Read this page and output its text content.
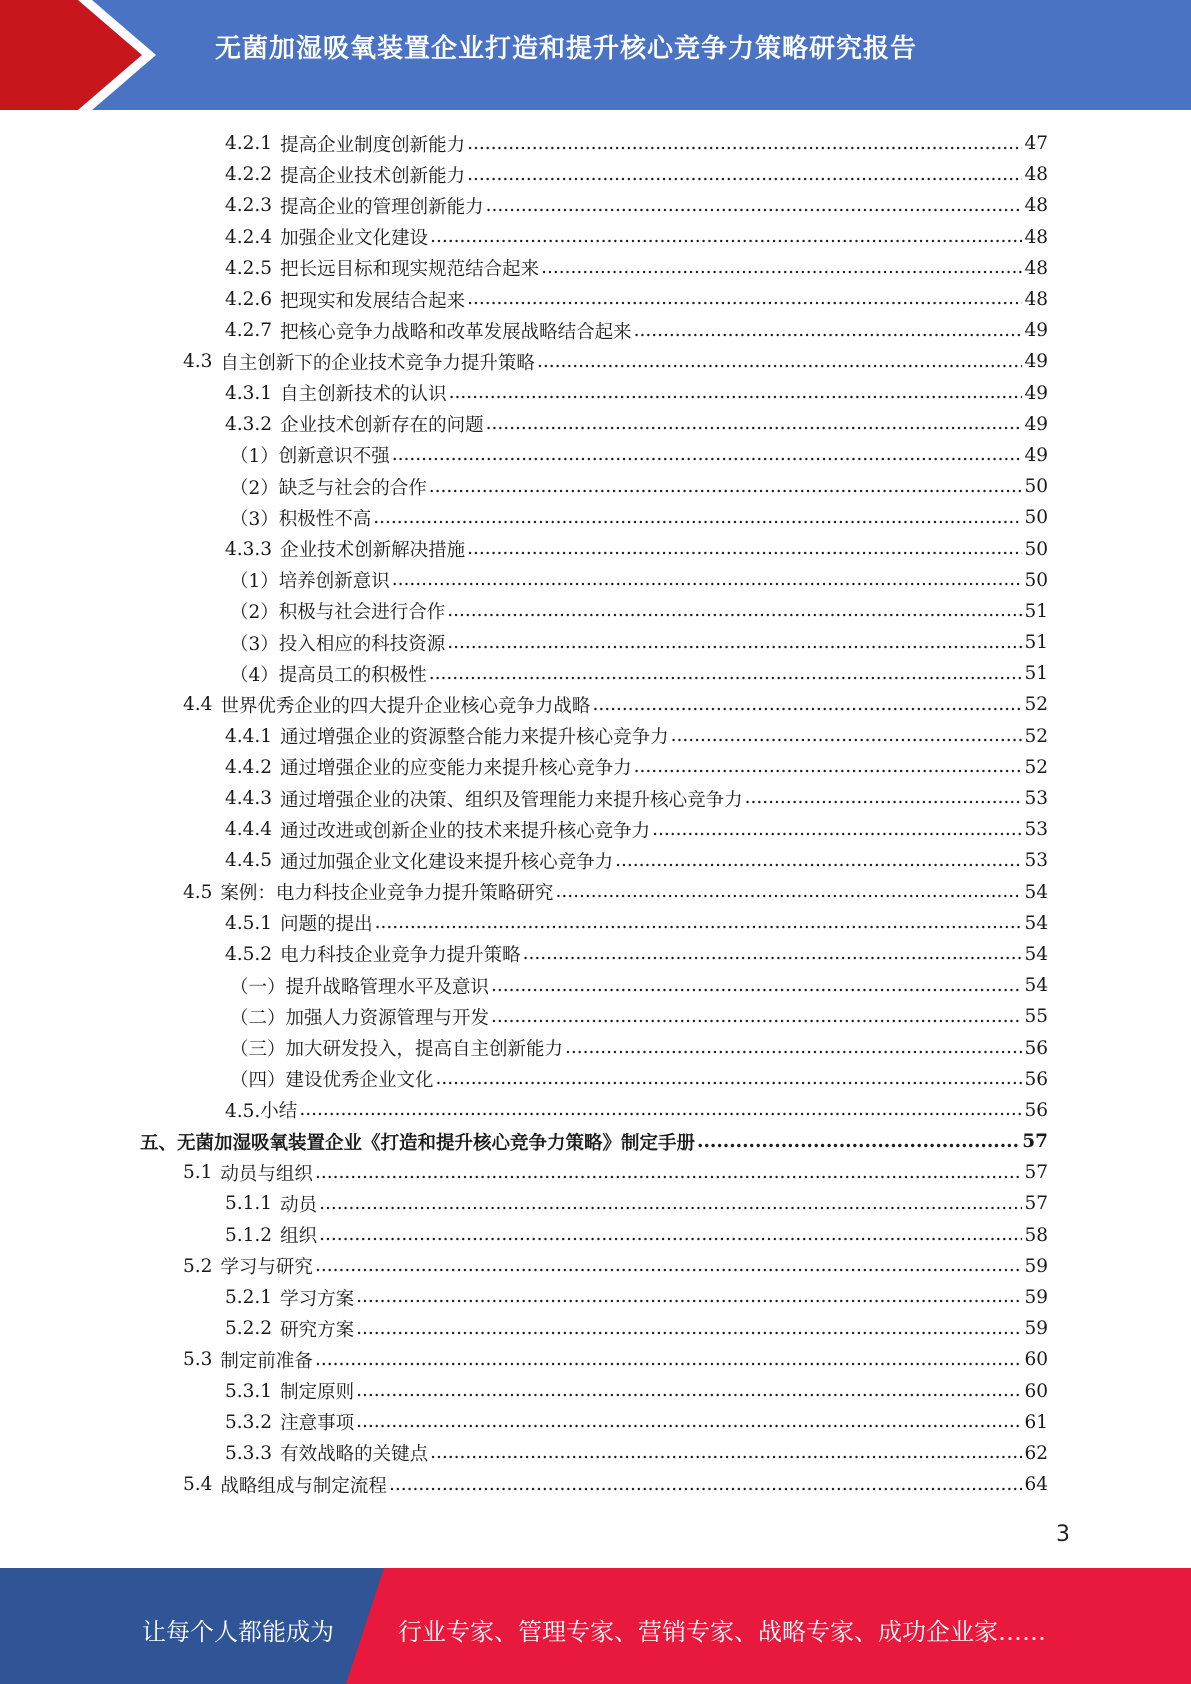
无菌加湿吸氧装置企业打造和提升核心竞争力策略研究报告
4.2.1 提高企业制度创新能力 .....	47
4.2.2 提高企业技术创新能力 .....	48
4.2.3 提高企业的管理创新能力 .....	48
4.2.4 加强企业文化建设 .....	48
4.2.5 把长远目标和现实规范结合起来 .....	48
4.2.6 把现实和发展结合起来 .....	48
4.2.7 把核心竞争力战略和改革发展战略结合起来 .....	49
4.3 自主创新下的企业技术竞争力提升策略 .....	49
4.3.1 自主创新技术的认识 .....	49
4.3.2 企业技术创新存在的问题 .....	49
（1）创新意识不强 .....	49
（2）缺乏与社会的合作 .....	50
（3）积极性不高 .....	50
4.3.3 企业技术创新解决措施 .....	50
（1）培养创新意识 .....	50
（2）积极与社会进行合作 .....	51
（3）投入相应的科技资源 .....	51
（4）提高员工的积极性 .....	51
4.4 世界优秀企业的四大提升企业核心竞争力战略 .....	52
4.4.1 通过增强企业的资源整合能力来提升核心竞争力 .....	52
4.4.2 通过增强企业的应变能力来提升核心竞争力 .....	52
4.4.3 通过增强企业的决策、组织及管理能力来提升核心竞争力 .....	53
4.4.4 通过改进或创新企业的技术来提升核心竞争力 .....	53
4.4.5 通过加强企业文化建设来提升核心竞争力 .....	53
4.5 案例：电力科技企业竞争力提升策略研究 .....	54
4.5.1 问题的提出 .....	54
4.5.2 电力科技企业竞争力提升策略 .....	54
（一）提升战略管理水平及意识 .....	54
（二）加强人力资源管理与开发 .....	55
（三）加大研发投入，提高自主创新能力 .....	56
（四）建设优秀企业文化 .....	56
4.5.小结 .....	56
五、无菌加湿吸氧装置企业《打造和提升核心竞争力策略》制定手册 .....	57
5.1 动员与组织 .....	57
5.1.1 动员 .....	57
5.1.2 组织 .....	58
5.2 学习与研究 .....	59
5.2.1 学习方案 .....	59
5.2.2 研究方案 .....	59
5.3 制定前准备 .....	60
5.3.1 制定原则 .....	60
5.3.2 注意事项 .....	61
5.3.3 有效战略的关键点 .....	62
5.4 战略组成与制定流程 .....	64
3
让每个人都能成为	行业专家、管理专家、营销专家、战略专家、成功企业家……
